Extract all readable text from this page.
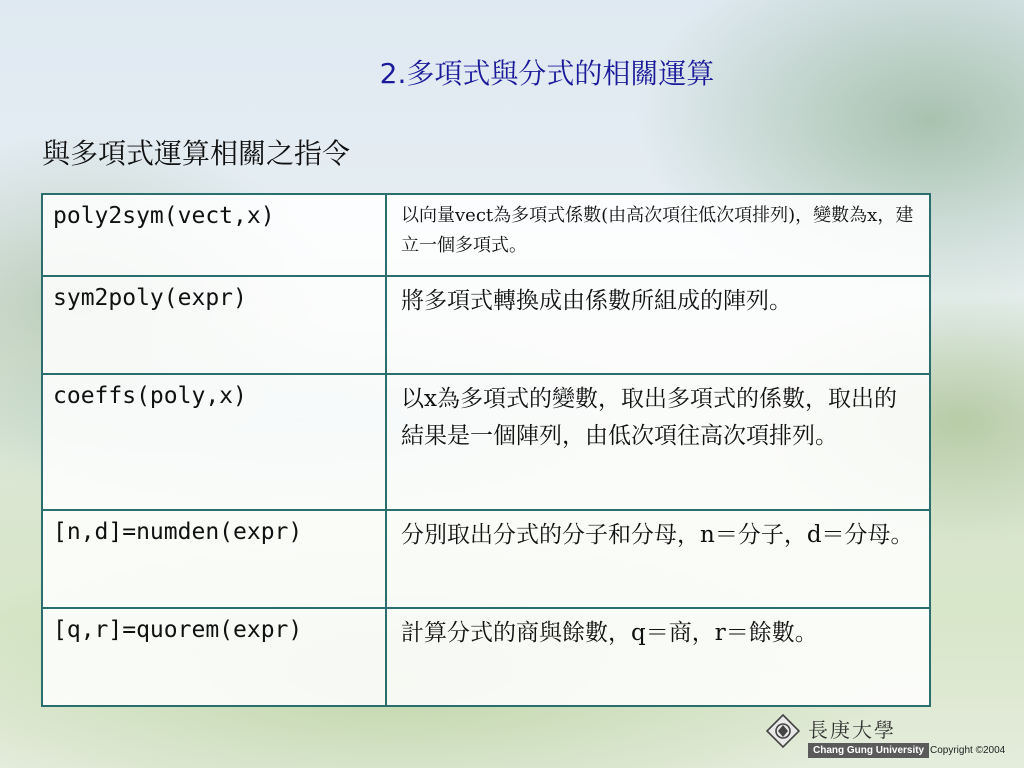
2.多項式與分式的相關運算
與多項式運算相關之指令
poly2sym(vect,x)	以向量vect為多項式係數(由高次項往低次項排列)，變數為x，建立一個多項式。
sym2poly(expr)	將多項式轉換成由係數所組成的陣列。
coeffs(poly,x)	以x為多項式的變數，取出多項式的係數，取出的結果是一個陣列，由低次項往高次項排列。
[n,d]=numden(expr)	分別取出分式的分子和分母，n＝分子，d＝分母。
[q,r]=quorem(expr)	計算分式的商與餘數，q＝商，r＝餘數。
長庚大學
Chang Gung University Copyright ©2004
